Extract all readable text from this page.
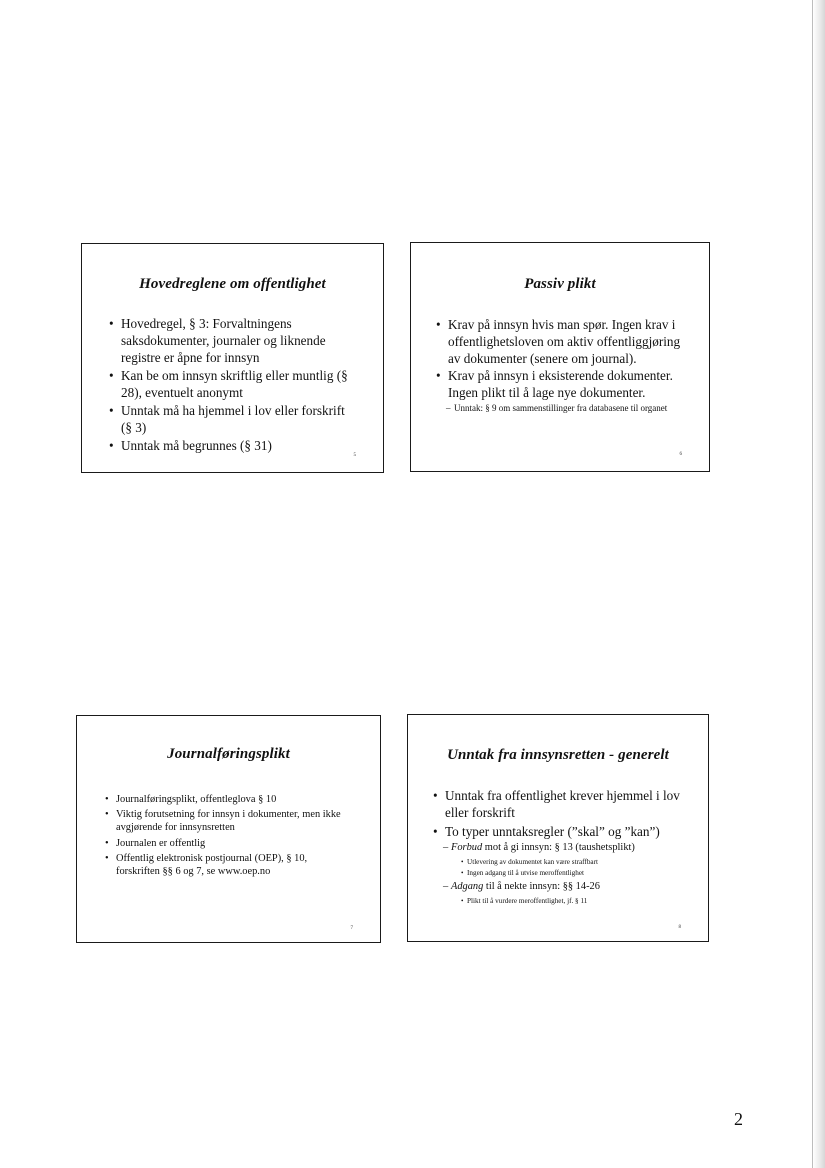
Hovedreglene om offentlighet
• Hovedregel, § 3: Forvaltningens saksdokumenter, journaler og liknende registre er åpne for innsyn
• Kan be om innsyn skriftlig eller muntlig (§ 28), eventuelt anonymt
• Unntak må ha hjemmel i lov eller forskrift (§ 3)
• Unntak må begrunnes (§ 31)
5
Passiv plikt
• Krav på innsyn hvis man spør. Ingen krav i offentlighetsloven om aktiv offentliggjøring av dokumenter (senere om journal).
• Krav på innsyn i eksisterende dokumenter. Ingen plikt til å lage nye dokumenter.
– Unntak: § 9 om sammenstillinger fra databasene til organet
6
Journalføringsplikt
• Journalføringsplikt, offentleglova § 10
• Viktig forutsetning for innsyn i dokumenter, men ikke avgjørende for innsynsretten
• Journalen er offentlig
• Offentlig elektronisk postjournal (OEP), § 10, forskriften §§ 6 og 7, se www.oep.no
7
Unntak fra innsynsretten - generelt
• Unntak fra offentlighet krever hjemmel i lov eller forskrift
• To typer unntaksregler (”skal” og ”kan”)
– Forbud mot å gi innsyn: § 13 (taushetsplikt)
• Utlevering av dokumentet kan være straffbart
• Ingen adgang til å utvise meroffentlighet
– Adgang til å nekte innsyn: §§ 14-26
• Plikt til å vurdere meroffentlighet, jf. § 11
8
2
